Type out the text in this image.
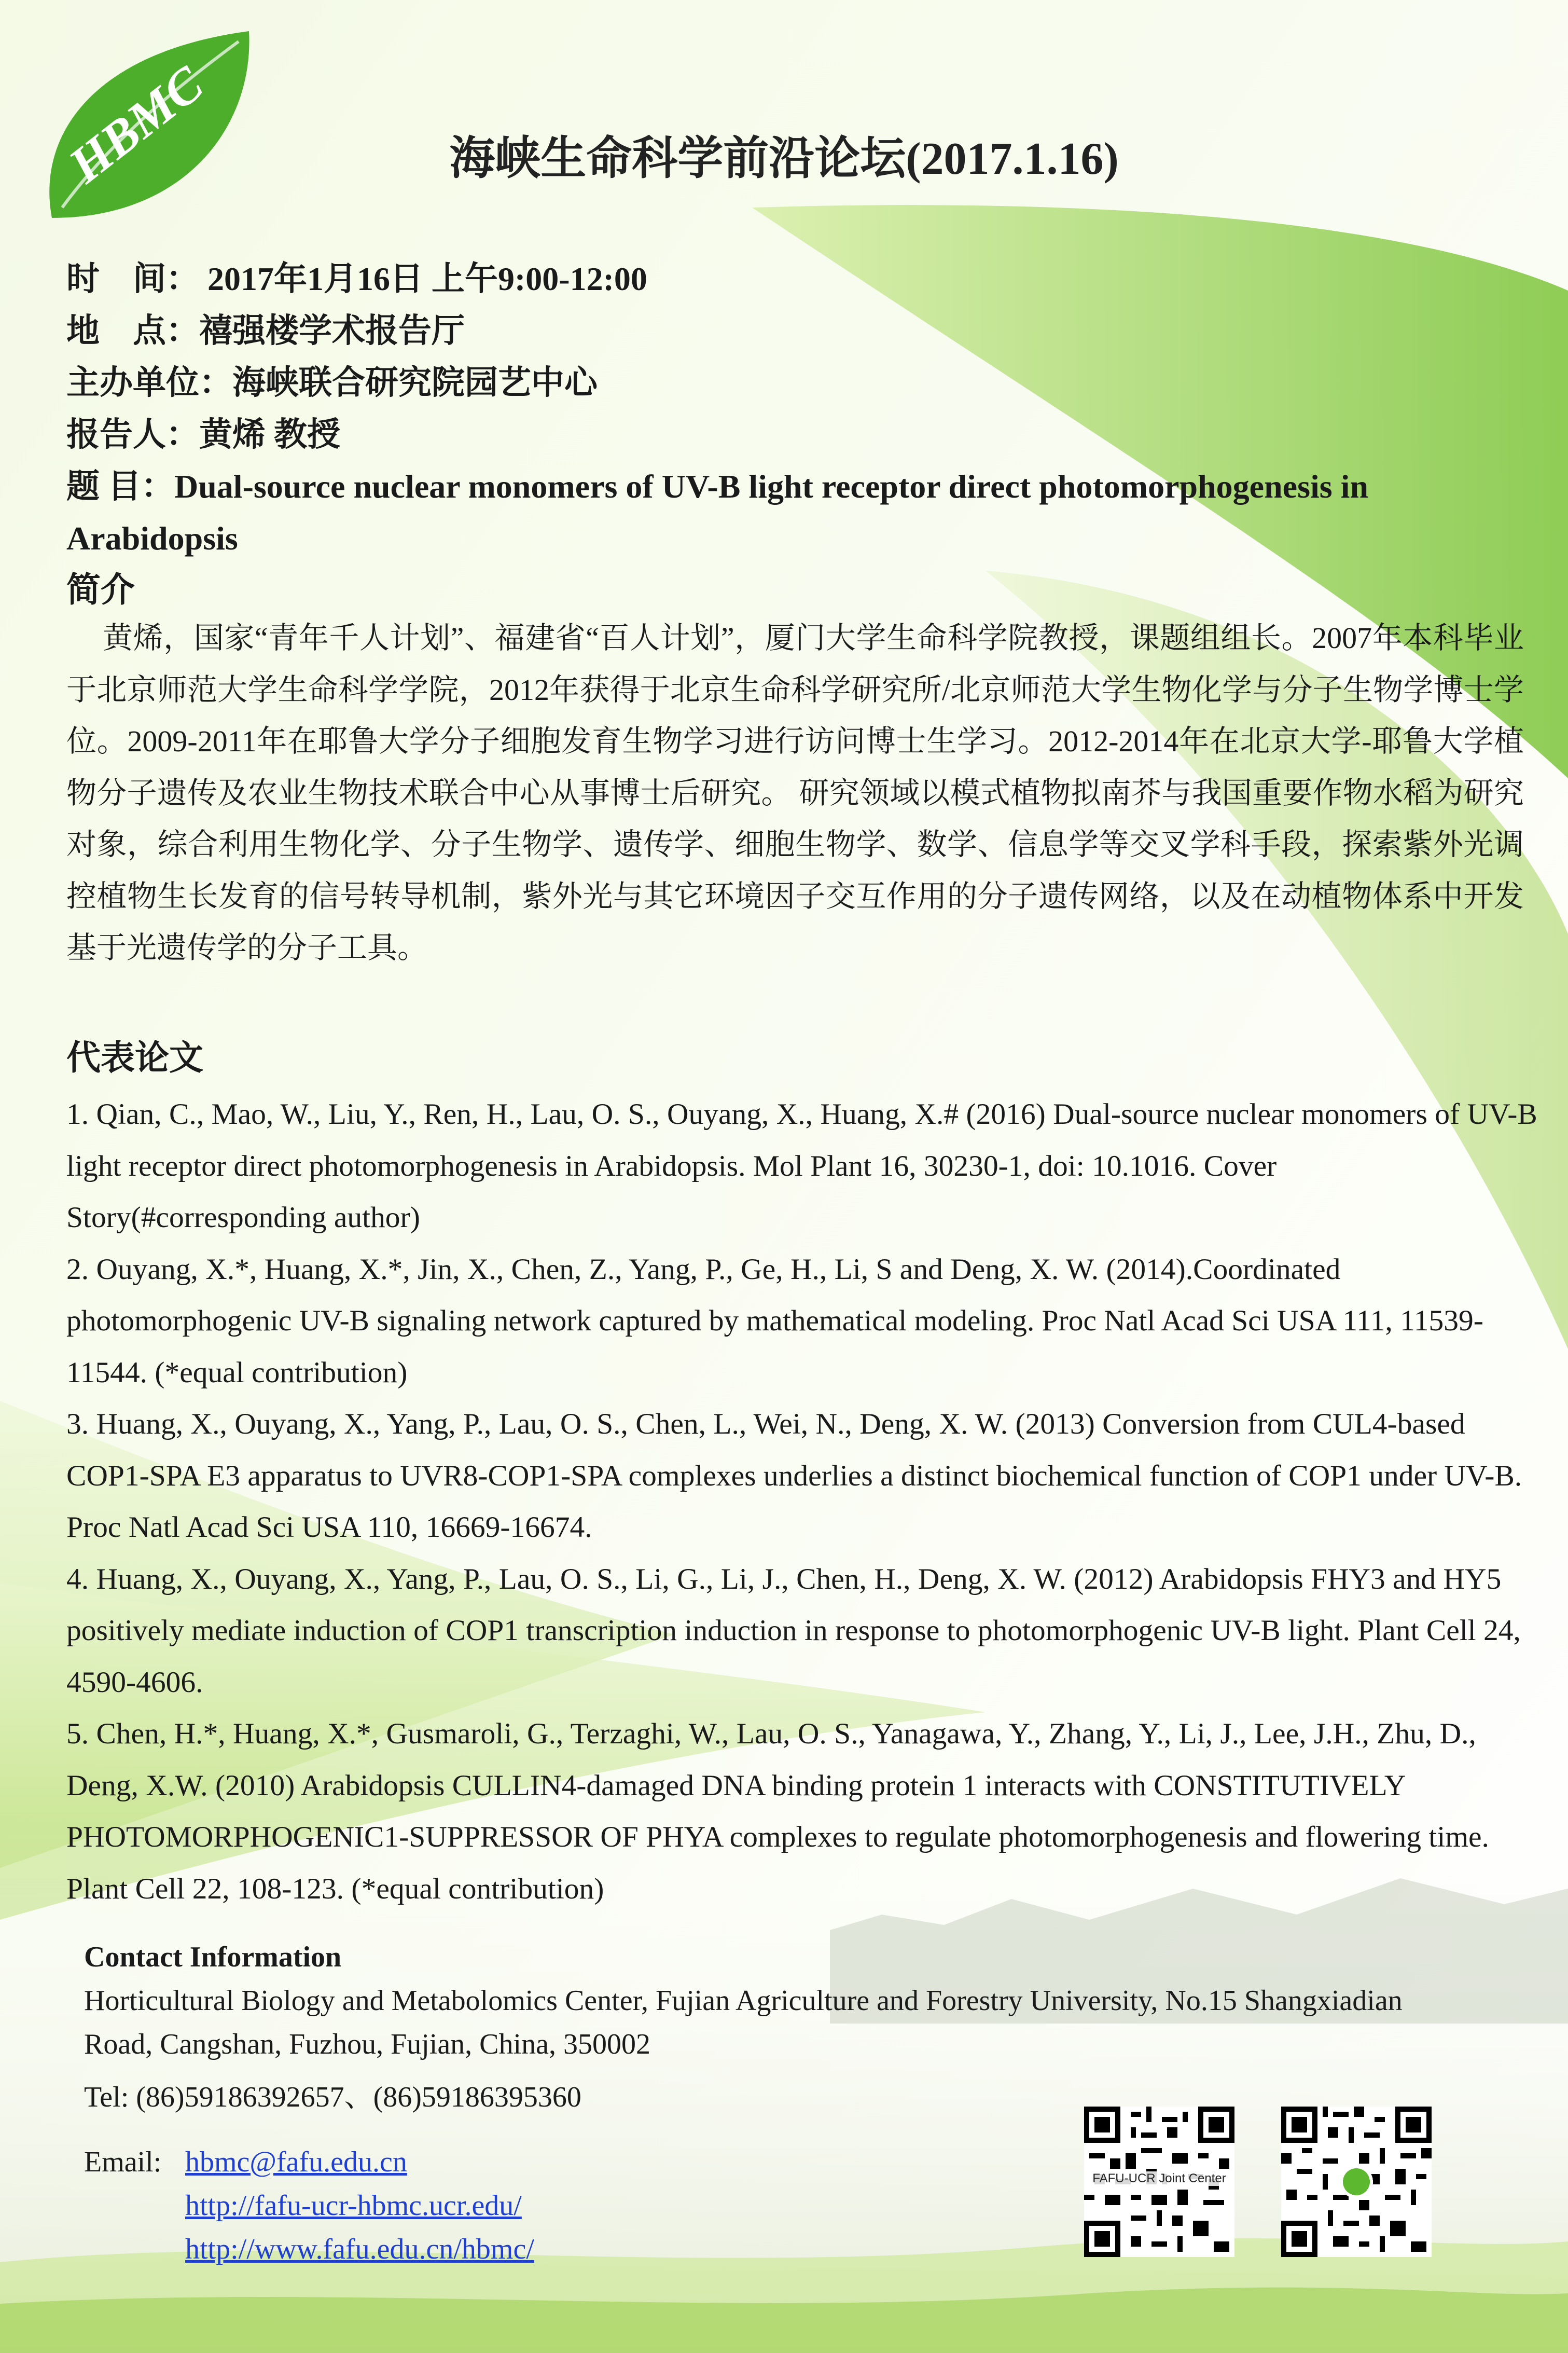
HBMC	海峡生命科学前沿论坛(2017.1.16)
时　间： 2017年1月16日 上午9:00-12:00
地　点：禧强楼学术报告厅
主办单位：海峡联合研究院园艺中心
报告人：黄烯 教授
题 目：Dual-source nuclear monomers of UV-B light receptor direct photomorphogenesis in Arabidopsis
简介
黄烯，国家“青年千人计划”、福建省“百人计划”，厦门大学生命科学院教授，课题组组长。2007年本科毕业于北京师范大学生命科学学院，2012年获得于北京生命科学研究所/北京师范大学生物化学与分子生物学博士学位。2009-2011年在耶鲁大学分子细胞发育生物学习进行访问博士生学习。2012-2014年在北京大学-耶鲁大学植物分子遗传及农业生物技术联合中心从事博士后研究。 研究领域以模式植物拟南芥与我国重要作物水稻为研究对象，综合利用生物化学、分子生物学、遗传学、细胞生物学、数学、信息学等交叉学科手段，探索紫外光调控植物生长发育的信号转导机制，紫外光与其它环境因子交互作用的分子遗传网络，以及在动植物体系中开发基于光遗传学的分子工具。
代表论文

1. Qian, C., Mao, W., Liu, Y., Ren, H., Lau, O. S., Ouyang, X., Huang, X.# (2016) Dual-source nuclear monomers of UV-B light receptor direct photomorphogenesis in Arabidopsis. Mol Plant 16, 30230-1, doi: 10.1016. Cover Story(#corresponding author)

2. Ouyang, X.*, Huang, X.*, Jin, X., Chen, Z., Yang, P., Ge, H., Li, S and Deng, X. W. (2014).Coordinated photomorphogenic UV-B signaling network captured by mathematical modeling. Proc Natl Acad Sci USA 111, 11539-11544. (*equal contribution)

3. Huang, X., Ouyang, X., Yang, P., Lau, O. S., Chen, L., Wei, N., Deng, X. W. (2013) Conversion from CUL4-based COP1-SPA E3 apparatus to UVR8-COP1-SPA complexes underlies a distinct biochemical function of COP1 under UV-B. Proc Natl Acad Sci USA 110, 16669-16674.

4. Huang, X., Ouyang, X., Yang, P., Lau, O. S., Li, G., Li, J., Chen, H., Deng, X. W. (2012) Arabidopsis FHY3 and HY5 positively mediate induction of COP1 transcription induction in response to photomorphogenic UV-B light. Plant Cell 24, 4590-4606.

5. Chen, H.*, Huang, X.*, Gusmaroli, G., Terzaghi, W., Lau, O. S., Yanagawa, Y., Zhang, Y., Li, J., Lee, J.H., Zhu, D., Deng, X.W. (2010) Arabidopsis CULLIN4-damaged DNA binding protein 1 interacts with CONSTITUTIVELY PHOTOMORPHOGENIC1-SUPPRESSOR OF PHYA complexes to regulate photomorphogenesis and flowering time. Plant Cell 22, 108-123. (*equal contribution)

Contact Information
Horticultural Biology and Metabolomics Center, Fujian Agriculture and Forestry University, No.15 Shangxiadian Road, Cangshan, Fuzhou, Fujian, China, 350002
Tel: (86)59186392657、(86)59186395360
Email: hbmc@fafu.edu.cn
http://fafu-ucr-hbmc.ucr.edu/
http://www.fafu.edu.cn/hbmc/
FAFU-UCR Joint Center
